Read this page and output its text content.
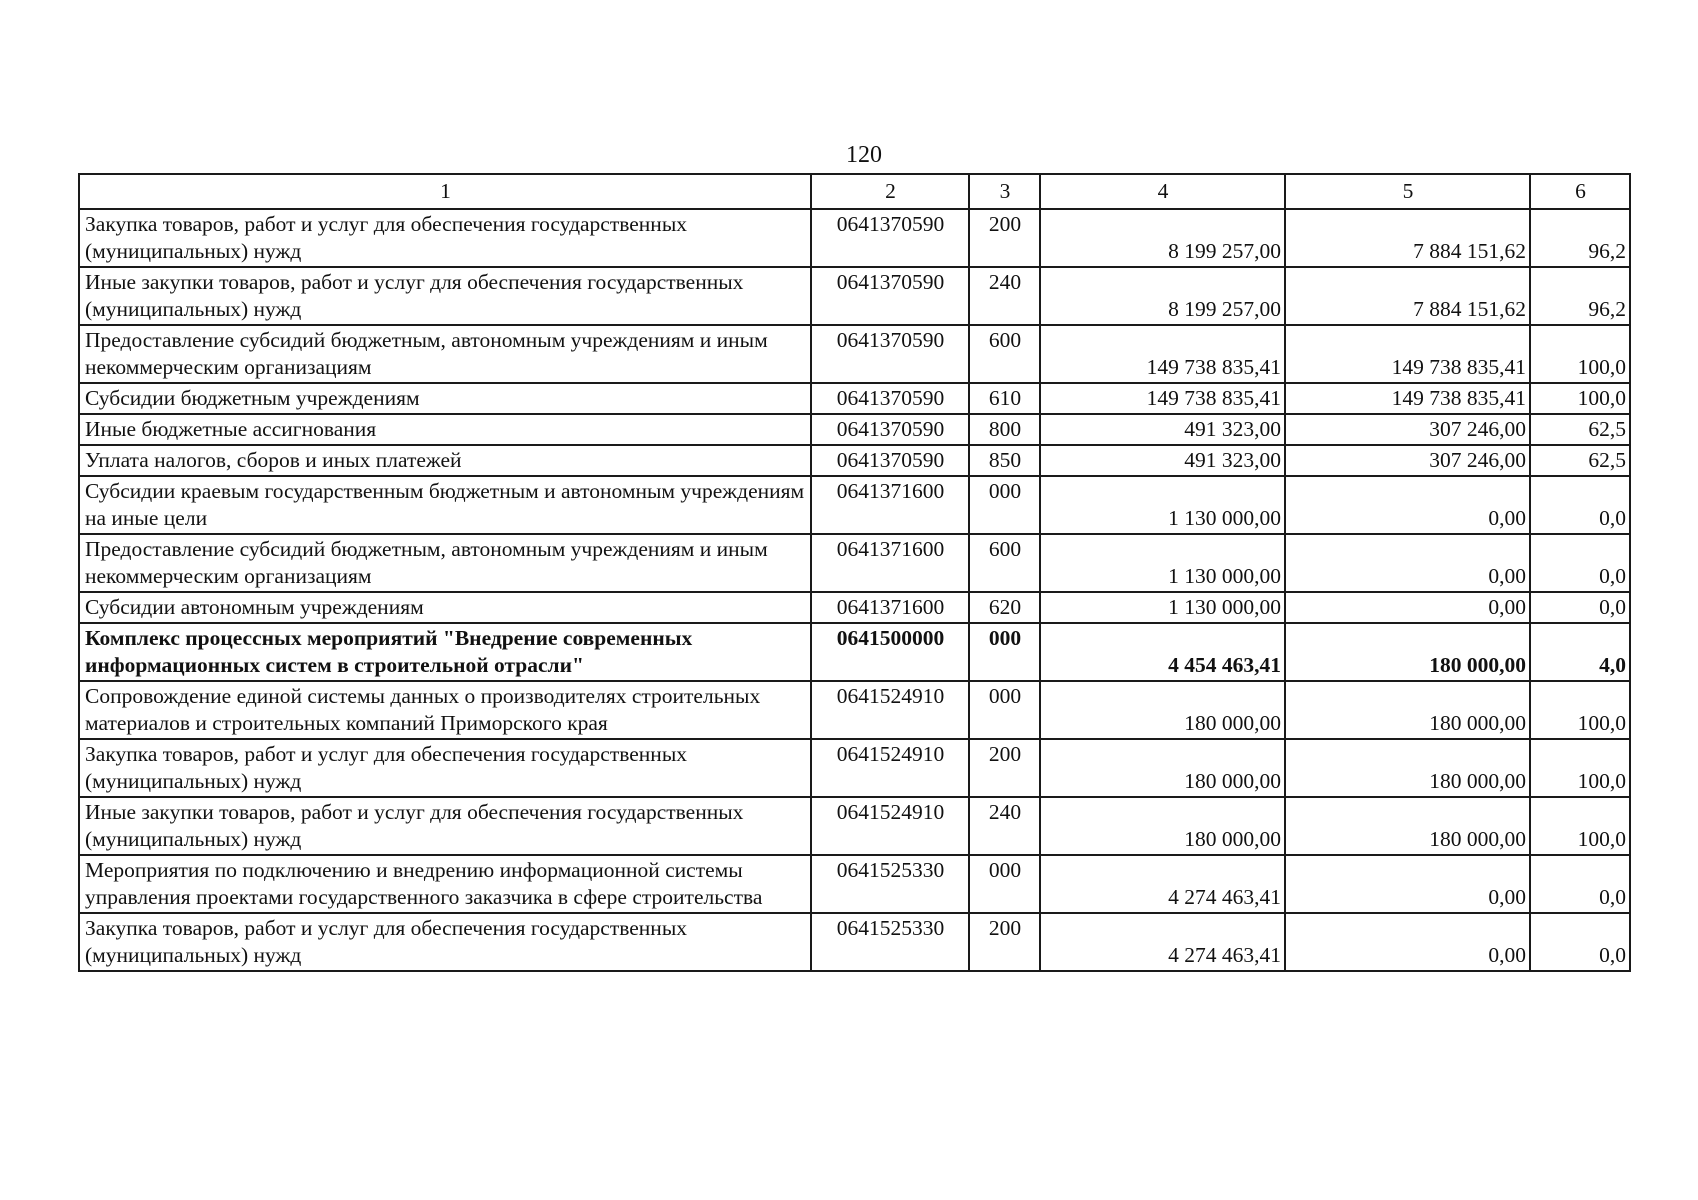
120
1	2	3	4	5	6
Закупка товаров, работ и услуг для обеспечения государственных (муниципальных) нужд	0641370590	200	8 199 257,00	7 884 151,62	96,2
Иные закупки товаров, работ и услуг для обеспечения государственных (муниципальных) нужд	0641370590	240	8 199 257,00	7 884 151,62	96,2
Предоставление субсидий бюджетным, автономным учреждениям и иным некоммерческим организациям	0641370590	600	149 738 835,41	149 738 835,41	100,0
Субсидии бюджетным учреждениям	0641370590	610	149 738 835,41	149 738 835,41	100,0
Иные бюджетные ассигнования	0641370590	800	491 323,00	307 246,00	62,5
Уплата налогов, сборов и иных платежей	0641370590	850	491 323,00	307 246,00	62,5
Субсидии краевым государственным бюджетным и автономным учреждениям на иные цели	0641371600	000	1 130 000,00	0,00	0,0
Предоставление субсидий бюджетным, автономным учреждениям и иным некоммерческим организациям	0641371600	600	1 130 000,00	0,00	0,0
Субсидии автономным учреждениям	0641371600	620	1 130 000,00	0,00	0,0
Комплекс процессных мероприятий "Внедрение современных информационных систем в строительной отрасли"	0641500000	000	4 454 463,41	180 000,00	4,0
Сопровождение единой системы данных о производителях строительных материалов и строительных компаний Приморского края	0641524910	000	180 000,00	180 000,00	100,0
Закупка товаров, работ и услуг для обеспечения государственных (муниципальных) нужд	0641524910	200	180 000,00	180 000,00	100,0
Иные закупки товаров, работ и услуг для обеспечения государственных (муниципальных) нужд	0641524910	240	180 000,00	180 000,00	100,0
Мероприятия по подключению и внедрению информационной системы управления проектами государственного заказчика в сфере строительства	0641525330	000	4 274 463,41	0,00	0,0
Закупка товаров, работ и услуг для обеспечения государственных (муниципальных) нужд	0641525330	200	4 274 463,41	0,00	0,0
